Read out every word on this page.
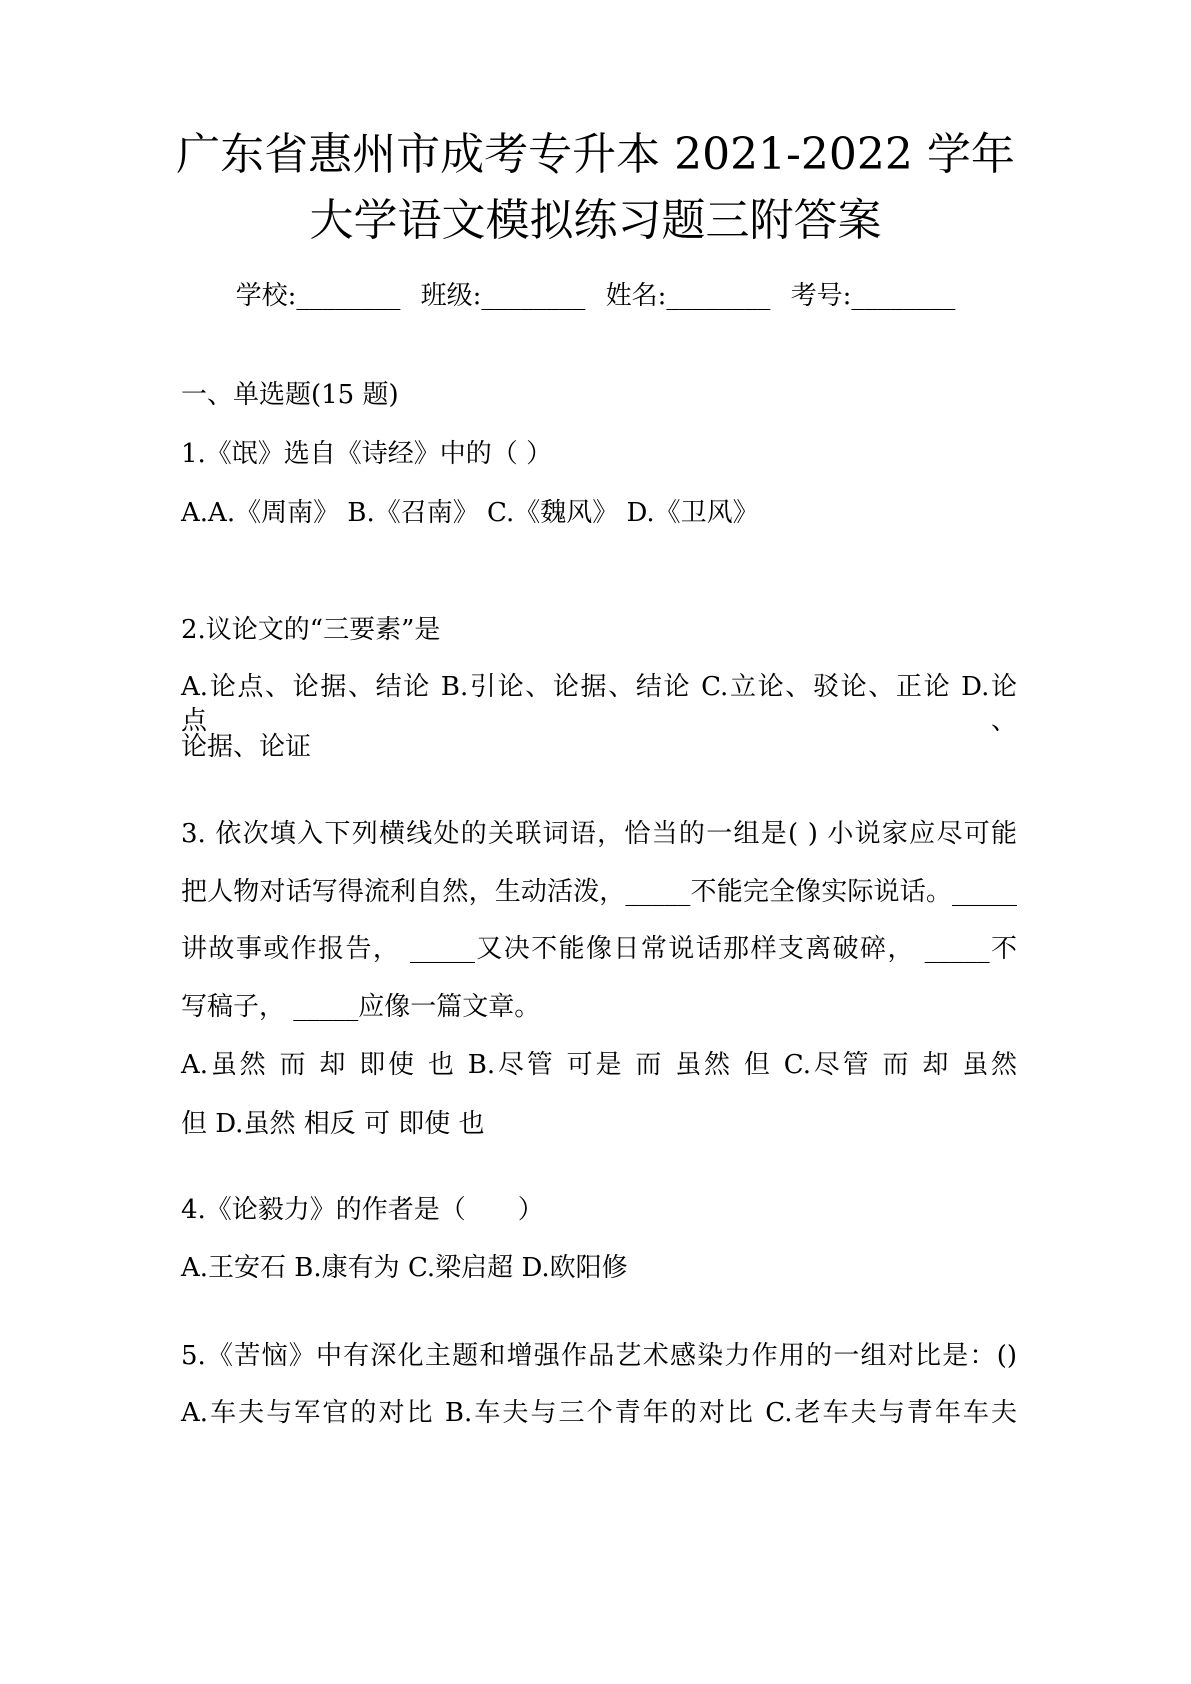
广东省惠州市成考专升本 2021-2022 学年
大学语文模拟练习题三附答案
学校:________ 班级:________ 姓名:________ 考号:________
一、单选题(15 题)
1.《氓》选自《诗经》中的（ ）
A.A.《周南》 B.《召南》 C.《魏风》 D.《卫风》
2.议论文的“三要素”是
A.论点、论据、结论 B.引论、论据、结论 C.立论、驳论、正论 D.论点、
论据、论证
3. 依次填入下列横线处的关联词语，恰当的一组是( ) 小说家应尽可能
把人物对话写得流利自然，生动活泼，_____不能完全像实际说话。_____
讲故事或作报告， _____又决不能像日常说话那样支离破碎， _____不
写稿子， _____应像一篇文章。
A.虽然 而 却 即使 也 B.尽管 可是 而 虽然 但 C.尽管 而 却 虽然
但 D.虽然 相反 可 即使 也
4.《论毅力》的作者是（　　）
A.王安石 B.康有为 C.梁启超 D.欧阳修
5.《苦恼》中有深化主题和增强作品艺术感染力作用的一组对比是：()
A.车夫与军官的对比 B.车夫与三个青年的对比 C.老车夫与青年车夫
